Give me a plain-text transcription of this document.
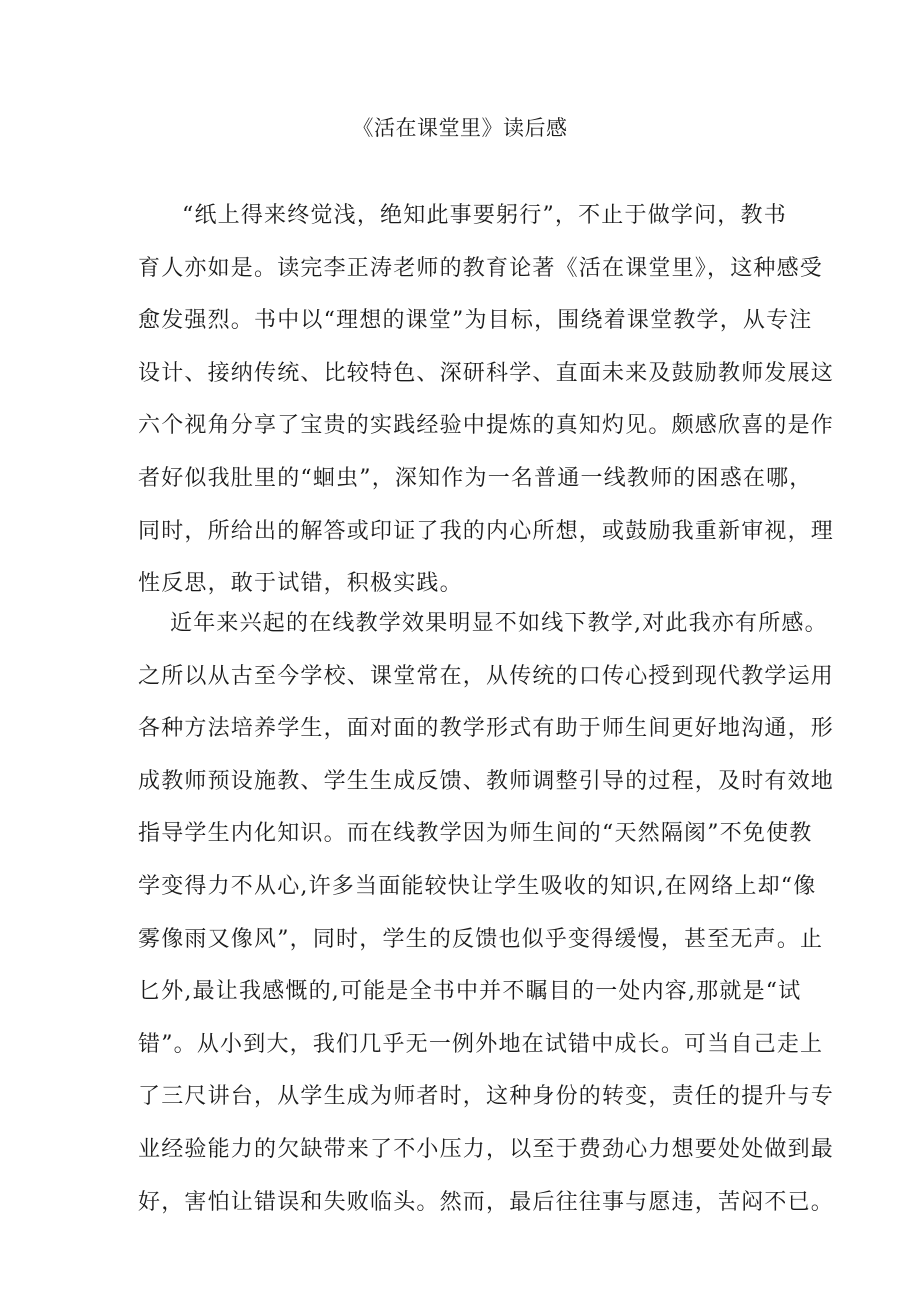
《活在课堂里》读后感
“纸上得来终觉浅，绝知此事要躬行”，不止于做学问，教书
育人亦如是。读完李正涛老师的教育论著《活在课堂里》，这种感受
愈发强烈。书中以“理想的课堂”为目标，围绕着课堂教学，从专注
设计、接纳传统、比较特色、深研科学、直面未来及鼓励教师发展这
六个视角分享了宝贵的实践经验中提炼的真知灼见。颇感欣喜的是作
者好似我肚里的“蛔虫”，深知作为一名普通一线教师的困惑在哪，
同时，所给出的解答或印证了我的内心所想，或鼓励我重新审视，理
性反思，敢于试错，积极实践。
近年来兴起的在线教学效果明显不如线下教学,对此我亦有所感。
之所以从古至今学校、课堂常在，从传统的口传心授到现代教学运用
各种方法培养学生，面对面的教学形式有助于师生间更好地沟通，形
成教师预设施教、学生生成反馈、教师调整引导的过程，及时有效地
指导学生内化知识。而在线教学因为师生间的“天然隔阂”不免使教
学变得力不从心,许多当面能较快让学生吸收的知识,在网络上却“像
雾像雨又像风”，同时，学生的反馈也似乎变得缓慢，甚至无声。止
匕外,最让我感慨的,可能是全书中并不瞩目的一处内容,那就是“试
错”。从小到大，我们几乎无一例外地在试错中成长。可当自己走上
了三尺讲台，从学生成为师者时，这种身份的转变，责任的提升与专
业经验能力的欠缺带来了不小压力，以至于费劲心力想要处处做到最
好，害怕让错误和失败临头。然而，最后往往事与愿违，苦闷不已。
